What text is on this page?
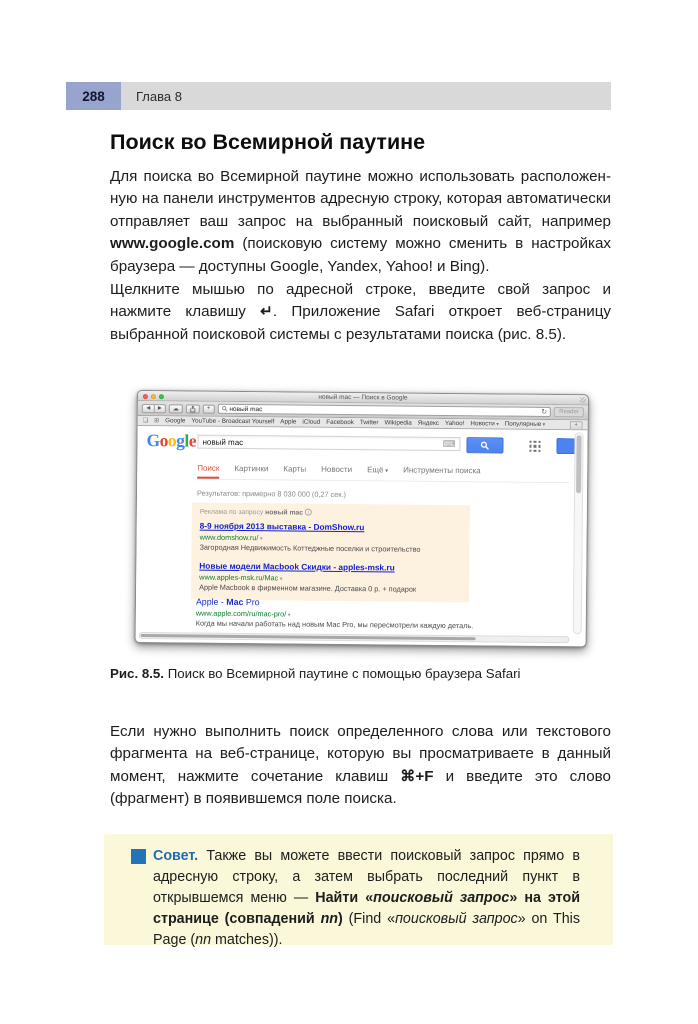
288	Глава 8
Поиск во Всемирной паутине

Для поиска во Всемирной паутине можно использовать расположенную на панели инструментов адресную строку, которая автоматически отправляет ваш запрос на выбранный поисковый сайт, например www.google.com (поисковую систему можно сменить в настройках браузера — доступны Google, Yandex, Yahoo! и Bing).

Щелкните мышью по адресной строке, введите свой запрос и нажмите клавишу ↵. Приложение Safari откроет веб-страницу выбранной поисковой системы с результатами поиска (рис. 8.5).

новый mac — Поиск в Google
◀	▶	☁	+	новый mac	↻	Reader
❏ ⊞ Google YouTube - Broadcast Yourself Apple iCloud Facebook Twitter Wikipedia Яндекс Yahoo! Новости ▾	Популярные ▾	+
Google новый mac	⌨
Поиск Картинки Карты Новости Ещё ▾	Инструменты поиска
Результатов: примерно 8 030 000 (0,27 сек.)
Реклама по запросу новый mac i
8-9 ноября 2013 выставка - DomShow.ru
www.domshow.ru/ ▾
Загородная Недвижимость Коттеджные поселки и строительство
Новые модели Macbook Скидки - apples-msk.ru
www.apples-msk.ru/Mac ▾
Apple Macbook в фирменном магазине. Доставка 0 р. + подарок
Apple - Mac Pro
www.apple.com/ru/mac-pro/ ▾
Когда мы начали работать над новым Mac Pro, мы пересмотрели каждую деталь.
Рис. 8.5. Поиск во Всемирной паутине с помощью браузера Safari

Если нужно выполнить поиск определенного слова или текстового фрагмента на веб-странице, которую вы просматриваете в данный момент, нажмите сочетание клавиш ⌘+F и введите это слово (фрагмент) в появившемся поле поиска.

Совет. Также вы можете ввести поисковый запрос прямо в адресную строку, а затем выбрать последний пункт в открывшемся меню — Найти «поисковый запрос» на этой странице (совпадений nn) (Find «поисковый запрос» on This Page (nn matches)).
